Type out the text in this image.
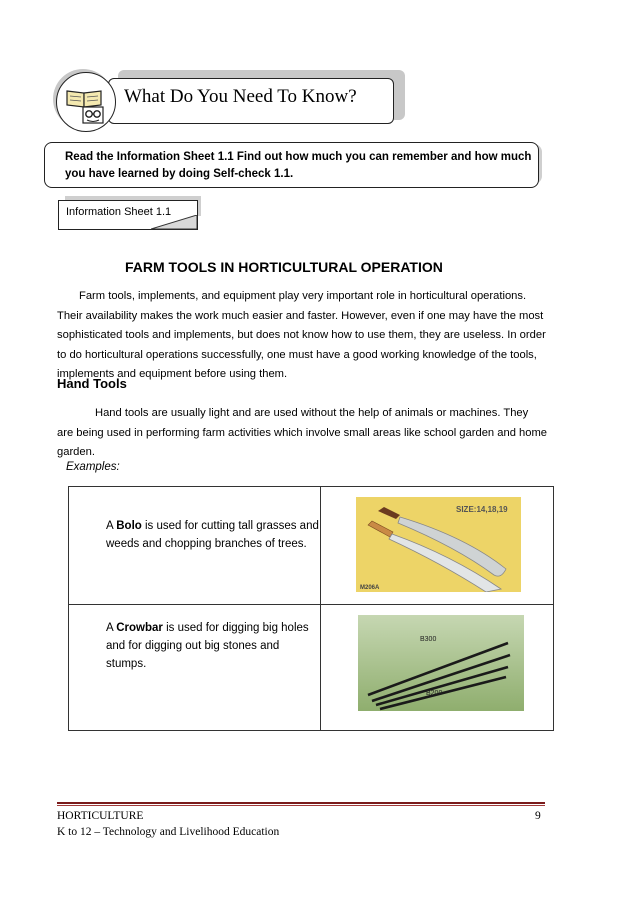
What Do You Need To Know?
Read the Information Sheet 1.1 Find out how much you can remember and how much you have learned by doing Self-check 1.1.
Information Sheet 1.1
FARM TOOLS IN HORTICULTURAL OPERATION

Farm tools, implements, and equipment play very important role in horticultural operations. Their availability makes the work much easier and faster. However, even if one may have the most sophisticated tools and implements, but does not know how to use them, they are useless. In order to do horticultural operations successfully, one must have a good working knowledge of the tools, implements and equipment before using them.

Hand Tools

Hand tools are usually light and are used without the help of animals or machines. They are being used in performing farm activities which involve small areas like school garden and home garden.

Examples:
A Bolo is used for cutting tall grasses and weeds and chopping branches of trees.	SIZE:14,18,19
M206A

A Crowbar is used for digging big holes and for digging out big stones and stumps.	B300
B200
HORTICULTURE
K to 12 – Technology and Livelihood Education
9
